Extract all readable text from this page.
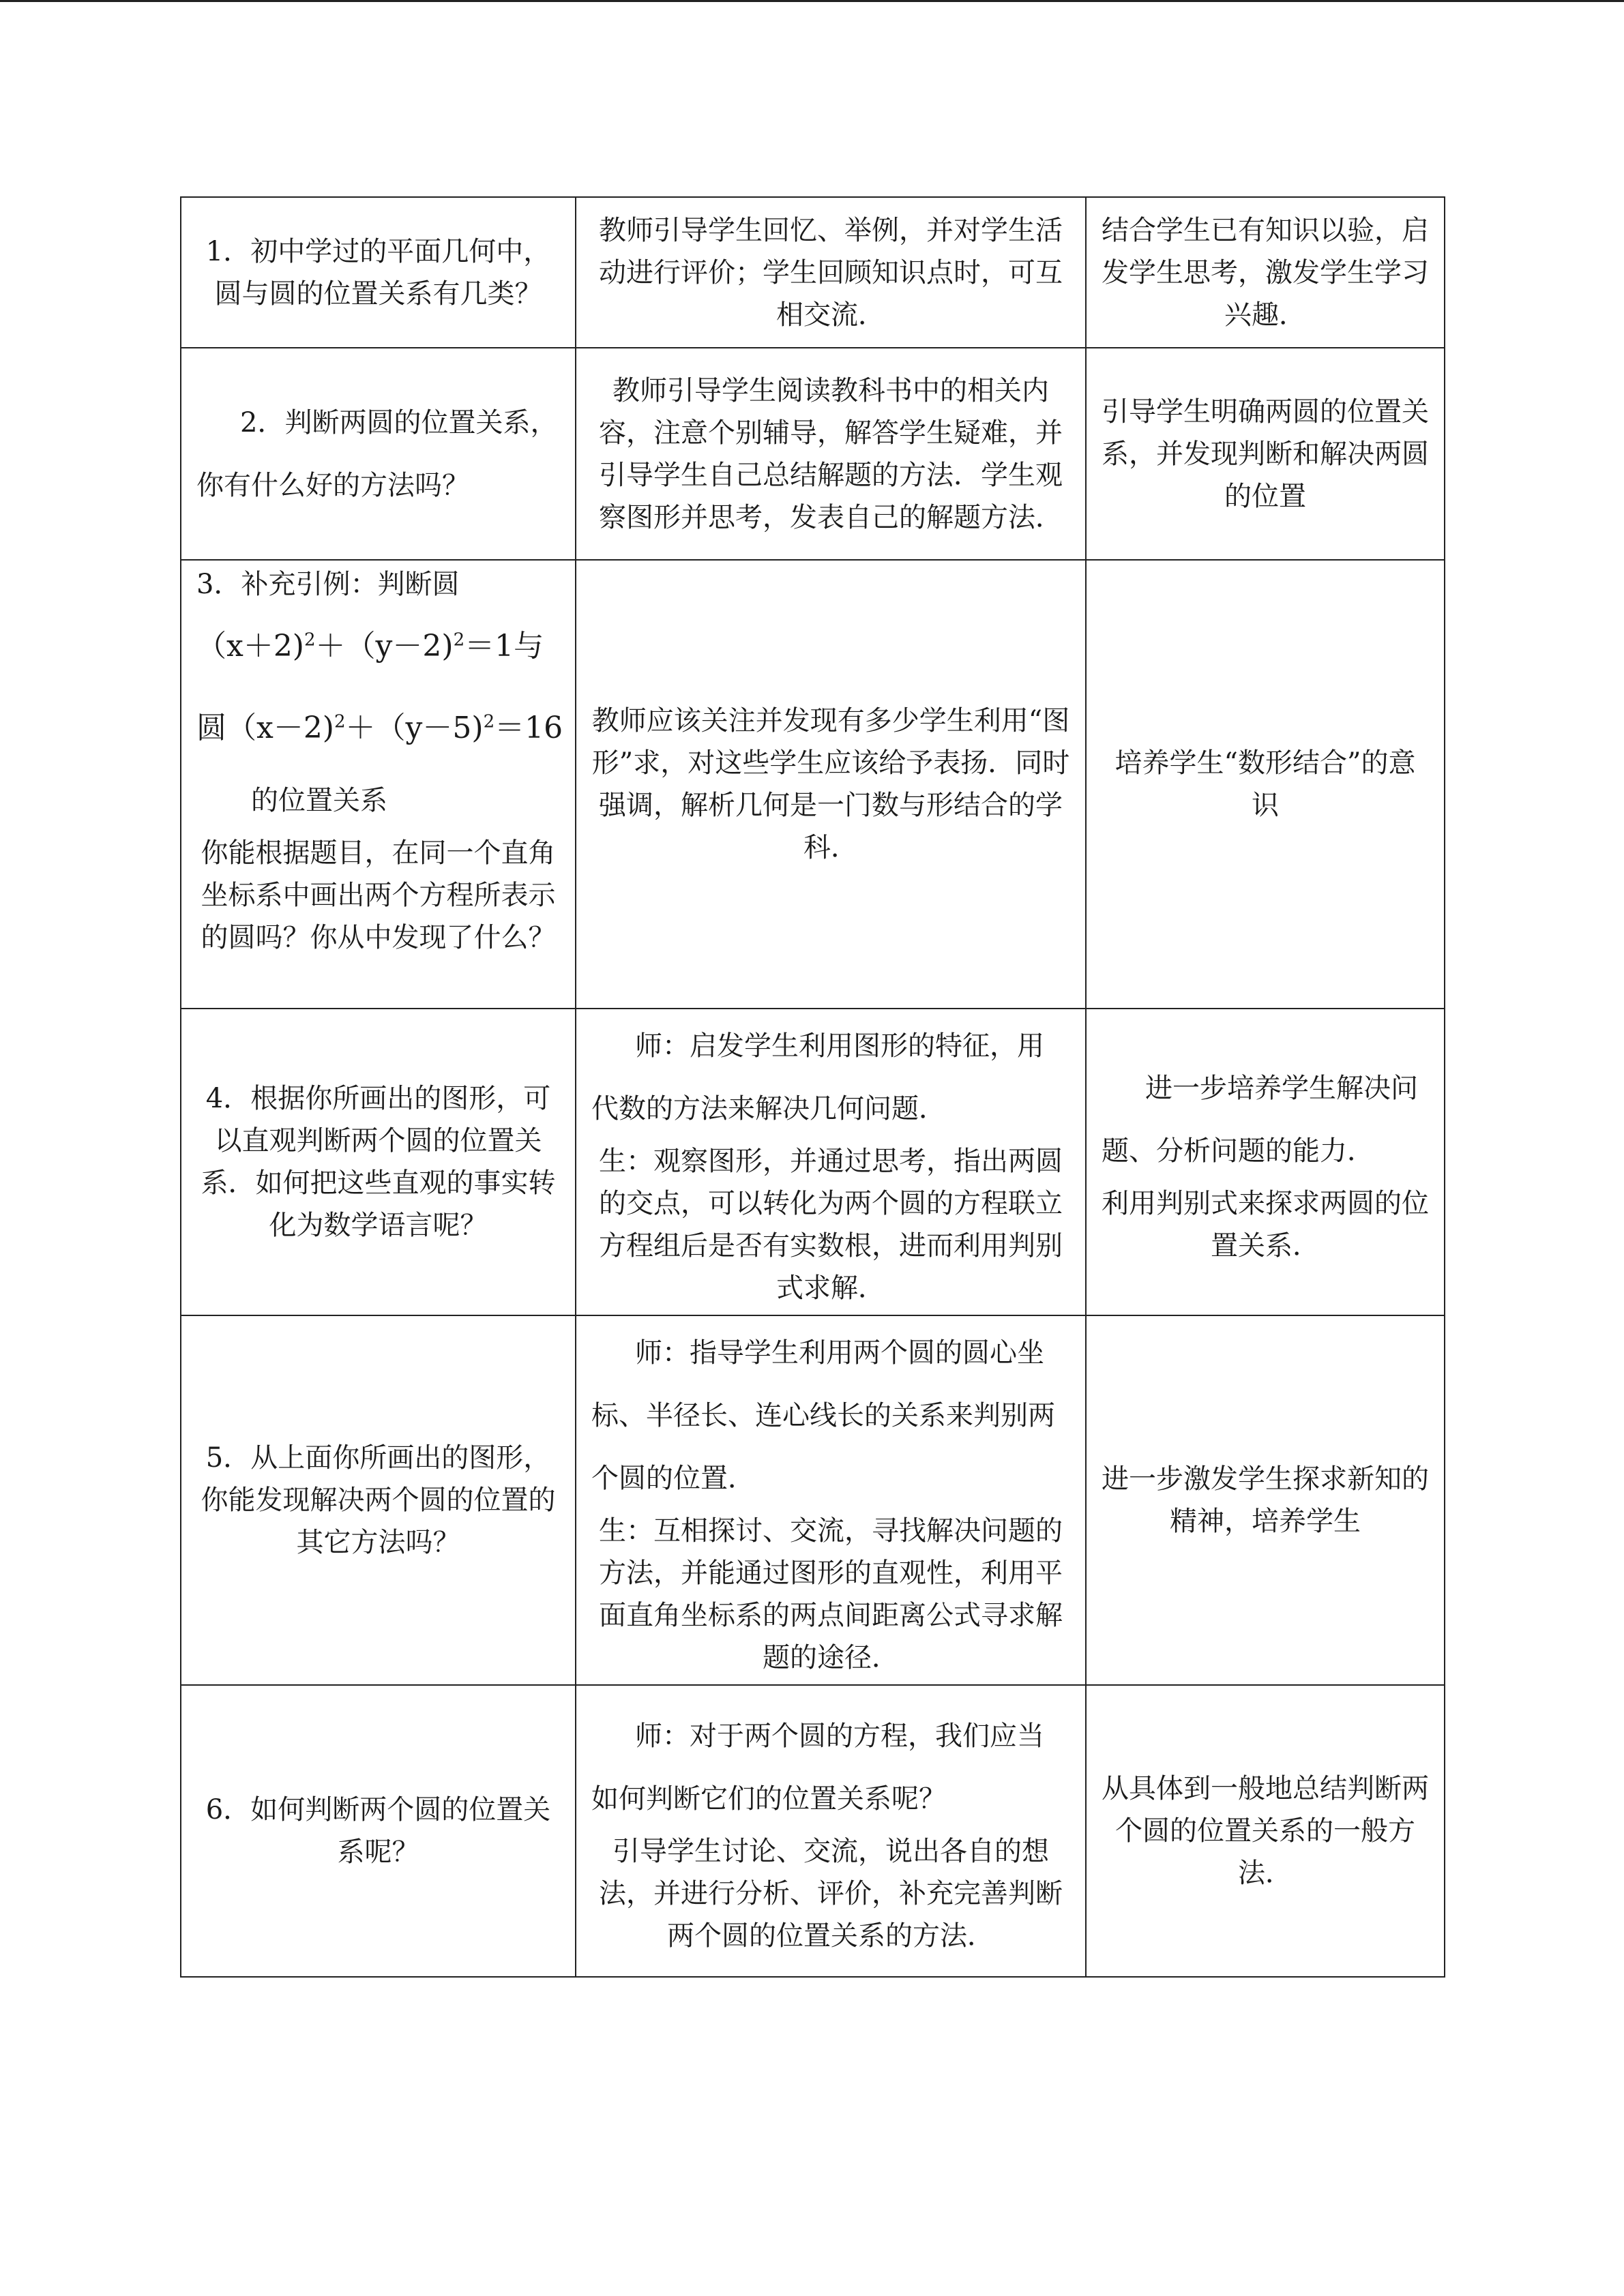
1．初中学过的平面几何中，圆与圆的位置关系有几类？	教师引导学生回忆、举例，并对学生活动进行评价；学生回顾知识点时，可互相交流．	结合学生已有知识以验，启发学生思考，激发学生学习兴趣．

2．判断两圆的位置关系，你有什么好的方法吗？	教师引导学生阅读教科书中的相关内容，注意个别辅导，解答学生疑难，并引导学生自己总结解题的方法．学生观察图形并思考，发表自己的解题方法．	引导学生明确两圆的位置关系，并发现判断和解决两圆的位置

3．补充引例：判断圆
（x＋2)$^2$＋（y－2)$^2$＝1与
圆（x－2)$^2$＋（y－5)$^2$＝16
的位置关系
你能根据题目，在同一个直角坐标系中画出两个方程所表示的圆吗？你从中发现了什么？	教师应该关注并发现有多少学生利用“图形”求，对这些学生应该给予表扬．同时强调，解析几何是一门数与形结合的学科．	培养学生“数形结合”的意识

4．根据你所画出的图形，可以直观判断两个圆的位置关系．如何把这些直观的事实转化为数学语言呢？	师：启发学生利用图形的特征，用代数的方法来解决几何问题．
生：观察图形，并通过思考，指出两圆的交点，可以转化为两个圆的方程联立方程组后是否有实数根，进而利用判别式求解．	进一步培养学生解决问题、分析问题的能力．
利用判别式来探求两圆的位置关系．

5．从上面你所画出的图形，你能发现解决两个圆的位置的其它方法吗？	师：指导学生利用两个圆的圆心坐标、半径长、连心线长的关系来判别两个圆的位置．
生：互相探讨、交流，寻找解决问题的方法，并能通过图形的直观性，利用平面直角坐标系的两点间距离公式寻求解题的途径．	进一步激发学生探求新知的精神，培养学生

6．如何判断两个圆的位置关系呢？	师：对于两个圆的方程，我们应当如何判断它们的位置关系呢？
引导学生讨论、交流，说出各自的想法，并进行分析、评价，补充完善判断两个圆的位置关系的方法．	从具体到一般地总结判断两个圆的位置关系的一般方法．
